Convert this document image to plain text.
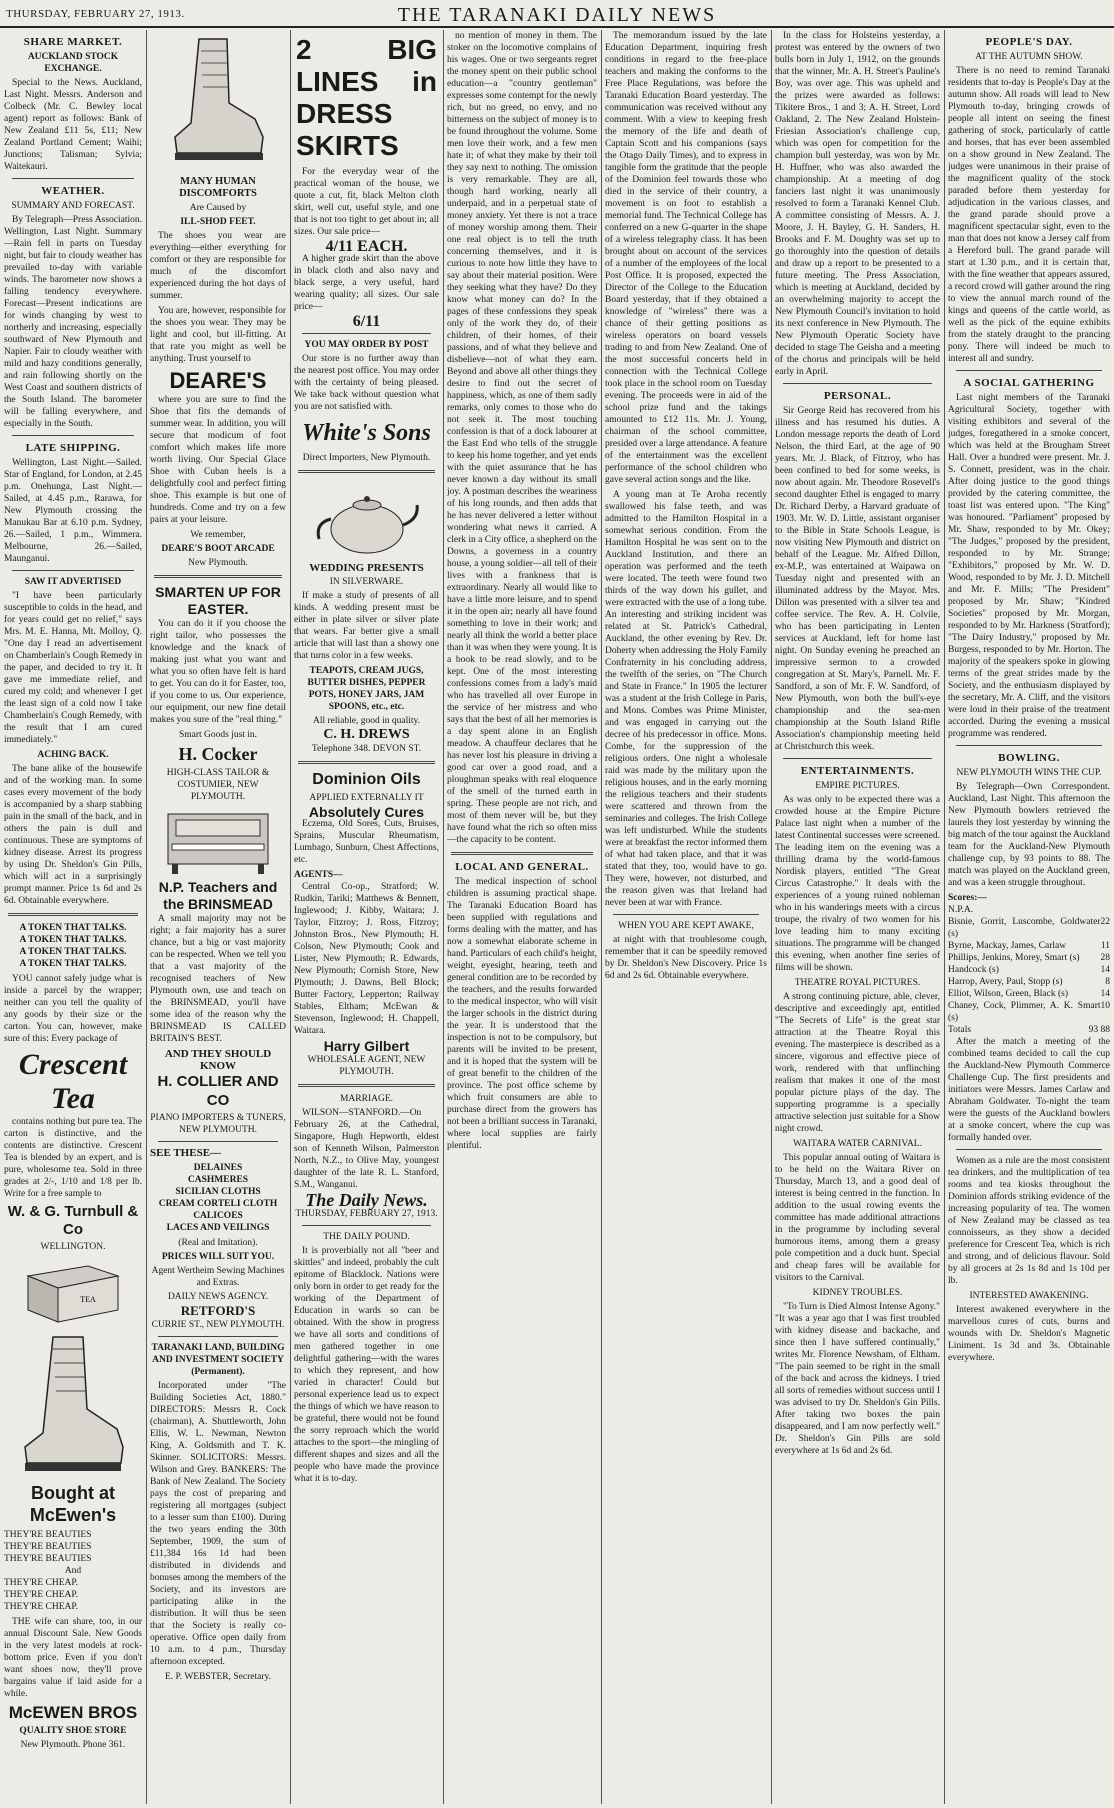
THURSDAY, FEBRUARY 27, 1913.	THE TARANAKI DAILY NEWS
SHARE MARKET.
AUCKLAND STOCK EXCHANGE.

Special to the News. Auckland, Last Night. Messrs. Anderson and Colbeck (Mr. C. Bewley local agent) report as follows: Bank of New Zealand £11 5s, £11; New Zealand Portland Cement; Waihi; Junctions; Talisman; Sylvia; Waitekauri.

WEATHER.
SUMMARY AND FORECAST.

By Telegraph—Press Association. Wellington, Last Night. Summary—Rain fell in parts on Tuesday night, but fair to cloudy weather has prevailed to-day with variable winds. The barometer now shows a falling tendency everywhere. Forecast—Present indications are for winds changing by west to northerly and increasing, especially southward of New Plymouth and Napier. Fair to cloudy weather with mild and hazy conditions generally, and rain following shortly on the West Coast and southern districts of the South Island. The barometer will be falling everywhere, and especially in the South.

LATE SHIPPING.

Wellington, Last Night.—Sailed. Star of England, for London, at 2.45 p.m. Onehunga, Last Night.—Sailed, at 4.45 p.m., Rarawa, for New Plymouth crossing the Manukau Bar at 6.10 p.m. Sydney, 26.—Sailed, 1 p.m., Wimmera. Melbourne, 26.—Sailed, Maunganui.

SAW IT ADVERTISED

"I have been particularly susceptible to colds in the head, and for years could get no relief," says Mrs. M. E. Hanna, Mt. Molloy, Q. "One day I read an advertisement on Chamberlain's Cough Remedy in the paper, and decided to try it. It gave me immediate relief, and cured my cold; and whenever I get the least sign of a cold now I take Chamberlain's Cough Remedy, with the result that I am cured immediately."

ACHING BACK.

The bane alike of the housewife and of the working man. In some cases every movement of the body is accompanied by a sharp stabbing pain in the small of the back, and in others the pain is dull and continuous. These are symptoms of kidney disease. Arrest its progress by using Dr. Sheldon's Gin Pills, which will act in a surprisingly prompt manner. Price 1s 6d and 2s 6d. Obtainable everywhere.

A TOKEN THAT TALKS.
A TOKEN THAT TALKS.
A TOKEN THAT TALKS.
A TOKEN THAT TALKS.

YOU cannot safely judge what is inside a parcel by the wrapper; neither can you tell the quality of any goods by their size or the carton. You can, however, make sure of this: Every package of

Crescent Tea

contains nothing but pure tea. The carton is distinctive, and the contents are distinctive. Crescent Tea is blended by an expert, and is pure, wholesome tea. Sold in three grades at 2/-, 1/10 and 1/8 per lb. Write for a free sample to

W. & G. Turnbull & Co
WELLINGTON.
TEA
Bought at McEwen's
THEY'RE BEAUTIES
THEY'RE BEAUTIES
THEY'RE BEAUTIES
And
THEY'RE CHEAP.
THEY'RE CHEAP.
THEY'RE CHEAP.

THE wife can share, too, in our annual Discount Sale. New Goods in the very latest models at rock-bottom price. Even if you don't want shoes now, they'll prove bargains value if laid aside for a while.

McEWEN BROS
QUALITY SHOE STORE
New Plymouth. Phone 361.
MANY HUMAN DISCOMFORTS
Are Caused by
ILL-SHOD FEET.

The shoes you wear are everything—either everything for comfort or they are responsible for much of the discomfort experienced during the hot days of summer.

You are, however, responsible for the shoes you wear. They may be light and cool, but ill-fitting. At that rate you might as well be anything. Trust yourself to

DEARE'S

where you are sure to find the Shoe that fits the demands of summer wear. In addition, you will secure that modicum of foot comfort which makes life more worth living. Our Special Glace Shoe with Cuban heels is a delightfully cool and perfect fitting shoe. This example is but one of hundreds. Come and try on a few pairs at your leisure.

We remember,
DEARE'S BOOT ARCADE
New Plymouth.
SMARTEN UP FOR EASTER.

You can do it if you choose the right tailor, who possesses the knowledge and the knack of making just what you want and what you so often have felt is hard to get. You can do it for Easter, too, if you come to us. Our experience, our equipment, our new fine detail makes you sure of the "real thing."

Smart Goods just in.
H. Cocker
HIGH-CLASS TAILOR & COSTUMIER, NEW PLYMOUTH.
N.P. Teachers and the BRINSMEAD

A small majority may not be right; a fair majority has a surer chance, but a big or vast majority can be respected. When we tell you that a vast majority of the recognised teachers of New Plymouth own, use and teach on the BRINSMEAD, you'll have some idea of the reason why the BRINSMEAD IS CALLED BRITAIN'S BEST.

AND THEY SHOULD KNOW
H. COLLIER AND CO
PIANO IMPORTERS & TUNERS, NEW PLYMOUTH.
SEE THESE—
DELAINES
CASHMERES
SICILIAN CLOTHS
CREAM CORTELI CLOTH
CALICOES
LACES AND VEILINGS
(Real and Imitation).
PRICES WILL SUIT YOU.
Agent Wertheim Sewing Machines and Extras.
DAILY NEWS AGENCY.
RETFORD'S
CURRIE ST., NEW PLYMOUTH.
TARANAKI LAND, BUILDING AND INVESTMENT SOCIETY (Permanent).

Incorporated under "The Building Societies Act, 1880." DIRECTORS: Messrs R. Cock (chairman), A. Shuttleworth, John Ellis, W. L. Newman, Newton King, A. Goldsmith and T. K. Skinner. SOLICITORS: Messrs. Wilson and Grey. BANKERS: The Bank of New Zealand. The Society pays the cost of preparing and registering all mortgages (subject to a lesser sum than £100). During the two years ending the 30th September, 1909, the sum of £11,384 16s 1d had been distributed in dividends and bonuses among the members of the Society, and its investors are participating alike in the distribution. It will thus be seen that the Society is really co-operative. Office open daily from 10 a.m. to 4 p.m., Thursday afternoon excepted.

E. P. WEBSTER, Secretary.
2 BIG LINES in DRESS SKIRTS

For the everyday wear of the practical woman of the house, we quote a cut, fit, black Melton cloth skirt, well cut, useful style, and one that is not too tight to get about in; all sizes. Our sale price—

4/11 EACH.

A higher grade skirt than the above in black cloth and also navy and black serge, a very useful, hard wearing quality; all sizes. Our sale price—

6/11
YOU MAY ORDER BY POST

Our store is no further away than the nearest post office. You may order with the certainty of being pleased. We take back without question what you are not satisfied with.

White's Sons
Direct Importers, New Plymouth.
WEDDING PRESENTS
IN SILVERWARE.

If make a study of presents of all kinds. A wedding present must be either in plate silver or silver plate that wears. Far better give a small article that will last than a showy one that turns color in a few weeks.

TEAPOTS, CREAM JUGS, BUTTER DISHES, PEPPER POTS, HONEY JARS, JAM SPOONS, etc., etc.
All reliable, good in quality.
C. H. DREWS
Telephone 348. DEVON ST.
Dominion Oils
APPLIED EXTERNALLY IT
Absolutely Cures

Eczema, Old Sores, Cuts, Bruises, Sprains, Muscular Rheumatism, Lumbago, Sunburn, Chest Affections, etc.

AGENTS—

Central Co-op., Stratford; W. Rudkin, Tariki; Matthews & Bennett, Inglewood; J. Kibby, Waitara; J. Taylor, Fitzroy; J. Ross, Fitzroy; Johnston Bros., New Plymouth; H. Colson, New Plymouth; Cook and Lister, New Plymouth; R. Edwards, New Plymouth; Cornish Store, New Plymouth; J. Dawns, Bell Block; Butter Factory, Lepperton; Railway Stables, Eltham; McEwan & Stevenson, Inglewood; H. Chappell, Waitara.

Harry Gilbert
WHOLESALE AGENT, NEW PLYMOUTH.
MARRIAGE.

WILSON—STANFORD.—On February 26, at the Cathedral, Singapore, Hugh Hepworth, eldest son of Kenneth Wilson, Palmerston North, N.Z., to Olive May, youngest daughter of the late R. L. Stanford, S.M., Wanganui.

The Daily News.
THURSDAY, FEBRUARY 27, 1913.
THE DAILY POUND.

It is proverbially not all "beer and skittles" and indeed, probably the cult epitome of Blacklock. Nations were only born in order to get ready for the working of the Department of Education in wards so can be obtained. With the show in progress we have all sorts and conditions of men gathered together in one delightful gathering—with the wares to which they represent, and how varied in character! Could but personal experience lead us to expect the things of which we have reason to be grateful, there would not be found the sorry reproach which the world attaches to the sport—the mingling of different shapes and sizes and all the people who have made the province what it is to-day.

no mention of money in them. The stoker on the locomotive complains of his wages. One or two sergeants regret the money spent on their public school education—a "country gentleman" expresses some contempt for the newly rich, but no greed, no envy, and no bitterness on the subject of money is to be found throughout the volume. Some men love their work, and a few men hate it; of what they make by their toil they say next to nothing. The omission is very remarkable. They are all, though hard working, nearly all underpaid, and in a perpetual state of money anxiety. Yet there is not a trace of money worship among them. Their one real object is to tell the truth concerning themselves, and it is curious to note how little they have to say about their material position. Were they seeking what they have? Do they know what money can do? In the pages of these confessions they speak only of the work they do, of their children, of their homes, of their passions, and of what they believe and disbelieve—not of what they earn. Beyond and above all other things they desire to find out the secret of happiness, which, as one of them sadly remarks, only comes to those who do not seek it. The most touching confession is that of a dock labourer at the East End who tells of the struggle to keep his home together, and yet ends with the quiet assurance that he has never known a day without its small joy. A postman describes the weariness of his long rounds, and then adds that he has never delivered a letter without wondering what news it carried. A clerk in a City office, a shepherd on the Downs, a governess in a country house, a young soldier—all tell of their lives with a frankness that is extraordinary. Nearly all would like to have a little more leisure, and to spend it in the open air; nearly all have found something to love in their work; and nearly all think the world a better place than it was when they were young. It is a book to be read slowly, and to be kept. One of the most interesting confessions comes from a lady's maid who has travelled all over Europe in the service of her mistress and who says that the best of all her memories is a day spent alone in an English meadow. A chauffeur declares that he has never lost his pleasure in driving a good car over a good road, and a ploughman speaks with real eloquence of the smell of the turned earth in spring. These people are not rich, and most of them never will be, but they have found what the rich so often miss—the capacity to be content.

LOCAL AND GENERAL.

The medical inspection of school children is assuming practical shape. The Taranaki Education Board has been supplied with regulations and forms dealing with the matter, and has now a somewhat elaborate scheme in hand. Particulars of each child's height, weight, eyesight, hearing, teeth and general condition are to be recorded by the teachers, and the results forwarded to the medical inspector, who will visit the larger schools in the district during the year. It is understood that the inspection is not to be compulsory, but parents will be invited to be present, and it is hoped that the system will be of great benefit to the children of the province. The post office scheme by which fruit consumers are able to purchase direct from the growers has not been a brilliant success in Taranaki, where local supplies are fairly plentiful.

The memorandum issued by the late Education Department, inquiring fresh conditions in regard to the free-place teachers and making the conforms to the Free Place Regulations, was before the Taranaki Education Board yesterday. The communication was received without any comment. With a view to keeping fresh the memory of the life and death of Captain Scott and his companions (says the Otago Daily Times), and to express in tangible form the gratitude that the people of the Dominion feel towards those who died in the service of their country, a movement is on foot to establish a memorial fund. The Technical College has conferred on a new G-quarter in the shape of a wireless telegraphy class. It has been brought about on account of the services of a number of the employees of the local Post Office. It is proposed, expected the Director of the College to the Education Board yesterday, that if they obtained a knowledge of "wireless" there was a chance of their getting positions as wireless operators on board vessels trading to and from New Zealand. One of the most successful concerts held in connection with the Technical College took place in the school room on Tuesday evening. The proceeds were in aid of the school prize fund and the takings amounted to £12 11s. Mr. J. Young, chairman of the school committee, presided over a large attendance. A feature of the entertainment was the excellent performance of the school children who gave several action songs and the like.

A young man at Te Aroha recently swallowed his false teeth, and was admitted to the Hamilton Hospital in a somewhat serious condition. From the Hamilton Hospital he was sent on to the Auckland Institution, and there an operation was performed and the teeth were located. The teeth were found two thirds of the way down his gullet, and were extracted with the use of a long tube. An interesting and striking incident was related at St. Patrick's Cathedral, Auckland, the other evening by Rev. Dr. Doherty when addressing the Holy Family Confraternity in his concluding address, the twelfth of the series, on "The Church and State in France." In 1905 the lecturer was a student at the Irish College in Paris, and Mons. Combes was Prime Minister, and was engaged in carrying out the decree of his predecessor in office. Mons. Combe, for the suppression of the religious orders. One night a wholesale raid was made by the military upon the religious houses, and in the early morning the religious teachers and their students were scattered and thrown from the seminaries and colleges. The Irish College was left undisturbed. While the students were at breakfast the rector informed them of what had taken place, and that it was stated that they, too, would have to go. They were, however, not disturbed, and the reason given was that Ireland had never been at war with France.

WHEN YOU ARE KEPT AWAKE,

at night with that troublesome cough, remember that it can be speedily removed by Dr. Sheldon's New Discovery. Price 1s 6d and 2s 6d. Obtainable everywhere.

In the class for Holsteins yesterday, a protest was entered by the owners of two bulls born in July 1, 1912, on the grounds that the winner, Mr. A. H. Street's Pauline's Boy, was over age. This was upheld and the prizes were awarded as follows: Tikitere Bros., 1 and 3; A. H. Street, Lord Oakland, 2. The New Zealand Holstein-Friesian Association's challenge cup, which was open for competition for the champion bull yesterday, was won by Mr. H. Huffner, who was also awarded the championship. At a meeting of dog fanciers last night it was unanimously resolved to form a Taranaki Kennel Club. A committee consisting of Messrs. A. J. Moore, J. H. Bayley, G. H. Sanders, H. Brooks and F. M. Doughty was set up to go thoroughly into the question of details and draw up a report to be presented to a future meeting. The Press Association, which is meeting at Auckland, decided by an overwhelming majority to accept the New Plymouth Council's invitation to hold its next conference in New Plymouth. The New Plymouth Operatic Society have decided to stage The Geisha and a meeting of the chorus and principals will be held early in April.

PERSONAL.

Sir George Reid has recovered from his illness and has resumed his duties. A London message reports the death of Lord Nelson, the third Earl, at the age of 90 years. Mr. J. Black, of Fitzroy, who has been confined to bed for some weeks, is now about again. Mr. Theodore Rosevell's second daughter Ethel is engaged to marry Dr. Richard Derby, a Harvard graduate of 1903. Mr. W. D. Little, assistant organiser to the Bible in State Schools League, is now visiting New Plymouth and district on behalf of the League. Mr. Alfred Dillon, ex-M.P., was entertained at Waipawa on Tuesday night and presented with an illuminated address by the Mayor. Mrs. Dillon was presented with a silver tea and coffee service. The Rev. A. H. Colvile, who has been participating in Lenten services at Auckland, left for home last night. On Sunday evening he preached an impressive sermon to a crowded congregation at St. Mary's, Parnell. Mr. F. Sandford, a son of Mr. F. W. Sandford, of New Plymouth, won both the bull's-eye championship and the sea-men championship at the South Island Rifle Association's championship meeting held at Christchurch this week.

ENTERTAINMENTS.
EMPIRE PICTURES.

As was only to be expected there was a crowded house at the Empire Picture Palace last night when a number of the latest Continental successes were screened. The leading item on the evening was a thrilling drama by the world-famous Nordisk players, entitled "The Great Circus Catastrophe." It deals with the experiences of a young ruined nobleman who in his wanderings meets with a circus troupe, the rivalry of two women for his love leading him to many exciting situations. The programme will be changed this evening, when another fine series of films will be shown.

THEATRE ROYAL PICTURES.

A strong continuing picture, able, clever, descriptive and exceedingly apt, entitled "The Secrets of Life" is the great star attraction at the Theatre Royal this evening. The masterpiece is described as a sincere, vigorous and effective piece of work, rendered with that unflinching realism that makes it one of the most popular picture plays of the day. The supporting programme is a specially attractive selection just suitable for a Show night crowd.

WAITARA WATER CARNIVAL.

This popular annual outing of Waitara is to be held on the Waitara River on Thursday, March 13, and a good deal of interest is being centred in the function. In addition to the usual rowing events the committee has made additional attractions in the programme by including several humorous items, among them a greasy pole competition and a duck hunt. Special and cheap fares will be available for visitors to the Carnival.

KIDNEY TROUBLES.

"To Turn is Died Almost Intense Agony." "It was a year ago that I was first troubled with kidney disease and backache, and since then I have suffered continually," writes Mr. Florence Newsham, of Eltham. "The pain seemed to be right in the small of the back and across the kidneys. I tried all sorts of remedies without success until I was advised to try Dr. Sheldon's Gin Pills. After taking two boxes the pain disappeared, and I am now perfectly well." Dr. Sheldon's Gin Pills are sold everywhere at 1s 6d and 2s 6d.

PEOPLE'S DAY.
AT THE AUTUMN SHOW.

There is no need to remind Taranaki residents that to-day is People's Day at the autumn show. All roads will lead to New Plymouth to-day, bringing crowds of people all intent on seeing the finest gathering of stock, particularly of cattle and horses, that has ever been assembled on a show ground in New Zealand. The judges were unanimous in their praise of the magnificent quality of the stock paraded before them yesterday for adjudication in the various classes, and the grand parade should prove a magnificent spectacular sight, even to the man that does not know a Jersey calf from a Hereford bull. The grand parade will start at 1.30 p.m., and it is certain that, with the fine weather that appears assured, a record crowd will gather around the ring to view the annual march round of the kings and queens of the cattle world, as well as the pick of the equine exhibits from the stately draught to the prancing pony. There will indeed be much to interest all and sundry.

A SOCIAL GATHERING

Last night members of the Taranaki Agricultural Society, together with visiting exhibitors and several of the judges, foregathered in a smoke concert, which was held at the Brougham Street Hall. Over a hundred were present. Mr. J. S. Connett, president, was in the chair. After doing justice to the good things provided by the catering committee, the toast list was entered upon. "The King" was honoured. "Parliament" proposed by Mr. Shaw, responded to by Mr. Okey; "The Judges," proposed by the president, responded to by Mr. Strange; "Exhibitors," proposed by Mr. W. D. Wood, responded to by Mr. J. D. Mitchell and Mr. F. Mills; "The President" proposed by Mr. Shaw; "Kindred Societies" proposed by Mr. Morgan, responded to by Mr. Harkness (Stratford); "The Dairy Industry," proposed by Mr. Burgess, responded to by Mr. Horton. The majority of the speakers spoke in glowing terms of the great strides made by the Society, and the enthusiasm displayed by the secretary, Mr. A. Cliff, and the visitors were loud in their praise of the treatment accorded. During the evening a musical programme was rendered.

BOWLING.
NEW PLYMOUTH WINS THE CUP.

By Telegraph—Own Correspondent. Auckland, Last Night. This afternoon the New Plymouth bowlers retrieved the laurels they lost yesterday by winning the big match of the tour against the Auckland team for the Auckland-New Plymouth challenge cup, by 93 points to 88. The match was played on the Auckland green, and was a keen struggle throughout.

Scores:—
N.P.A.
Bisnie, Gorrit, Luscombe, Goldwater (s)
22
Byrne, Mackay, James, Carlaw	11
Phillips, Jenkins, Morey, Smart (s) 28
Handcock (s)	14
Harrop, Avery, Paul, Stopp (s)	8
Elliot, Wilson, Green, Black (s)	14
Chaney, Cock, Plimmer, A. K. Smart (s)
10
Totals	93 88

After the match a meeting of the combined teams decided to call the cup the Auckland-New Plymouth Commerce Challenge Cup. The first presidents and initiators were Messrs. James Carlaw and Abraham Goldwater. To-night the team were the guests of the Auckland bowlers at a smoke concert, where the cup was formally handed over.

Women as a rule are the most consistent tea drinkers, and the multiplication of tea rooms and tea kiosks throughout the Dominion affords striking evidence of the increasing popularity of tea. The women of New Zealand may be classed as tea connoisseurs, as they show a decided preference for Crescent Tea, which is rich and strong, and of delicious flavour. Sold by all grocers at 2s 1s 8d and 1s 10d per lb.

INTERESTED AWAKENING.

Interest awakened everywhere in the marvellous cures of cuts, burns and wounds with Dr. Sheldon's Magnetic Liniment. 1s 3d and 3s. Obtainable everywhere.
